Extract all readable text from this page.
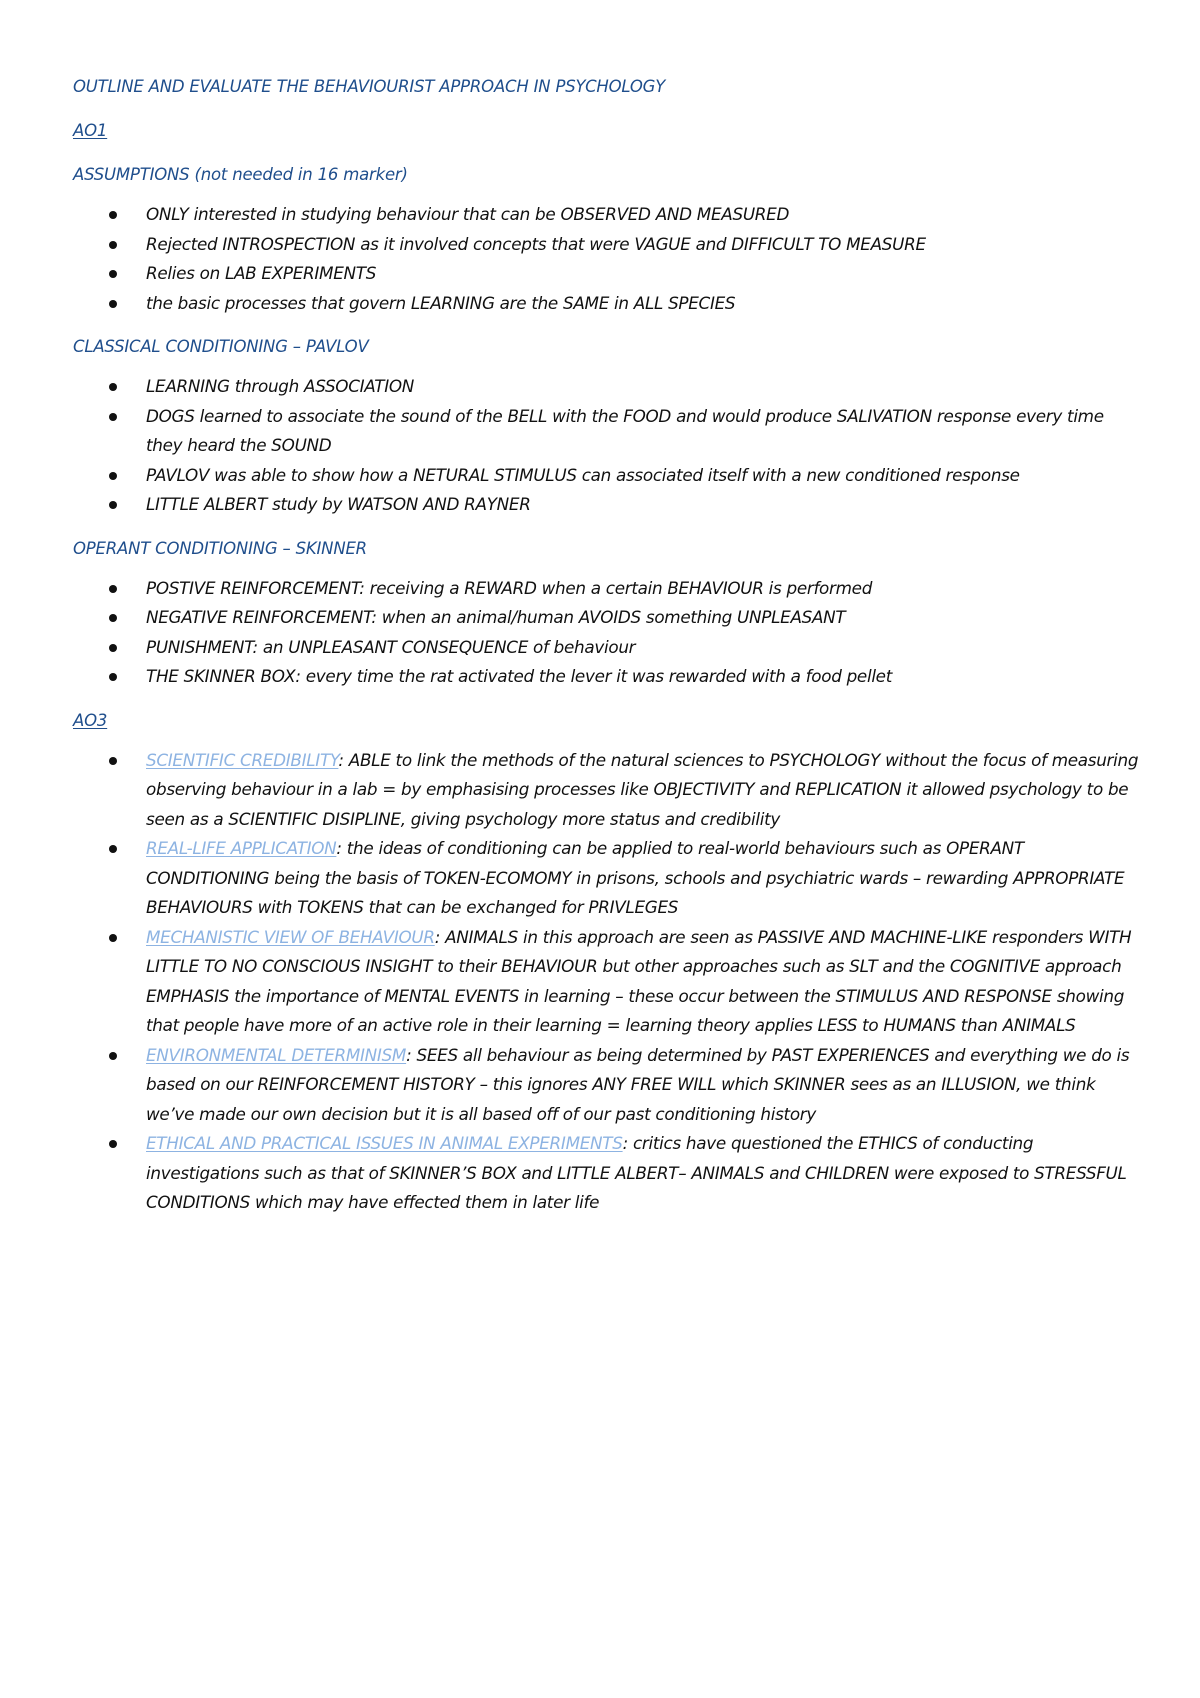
OUTLINE AND EVALUATE THE BEHAVIOURIST APPROACH IN PSYCHOLOGY

AO1

ASSUMPTIONS (not needed in 16 marker)

ONLY interested in studying behaviour that can be OBSERVED AND MEASURED
Rejected INTROSPECTION as it involved concepts that were VAGUE and DIFFICULT TO MEASURE
Relies on LAB EXPERIMENTS
the basic processes that govern LEARNING are the SAME in ALL SPECIES

CLASSICAL CONDITIONING – PAVLOV

LEARNING through ASSOCIATION
DOGS learned to associate the sound of the BELL with the FOOD and would produce SALIVATION response every time they heard the SOUND
PAVLOV was able to show how a NETURAL STIMULUS can associated itself with a new conditioned response
LITTLE ALBERT study by WATSON AND RAYNER

OPERANT CONDITIONING – SKINNER

POSTIVE REINFORCEMENT: receiving a REWARD when a certain BEHAVIOUR is performed
NEGATIVE REINFORCEMENT: when an animal/human AVOIDS something UNPLEASANT
PUNISHMENT: an UNPLEASANT CONSEQUENCE of behaviour
THE SKINNER BOX: every time the rat activated the lever it was rewarded with a food pellet

AO3

SCIENTIFIC CREDIBILITY: ABLE to link the methods of the natural sciences to PSYCHOLOGY without the focus of measuring observing behaviour in a lab = by emphasising processes like OBJECTIVITY and REPLICATION it allowed psychology to be seen as a SCIENTIFIC DISIPLINE, giving psychology more status and credibility
REAL-LIFE APPLICATION: the ideas of conditioning can be applied to real-world behaviours such as OPERANT CONDITIONING being the basis of TOKEN-ECOMOMY in prisons, schools and psychiatric wards – rewarding APPROPRIATE BEHAVIOURS with TOKENS that can be exchanged for PRIVLEGES
MECHANISTIC VIEW OF BEHAVIOUR: ANIMALS in this approach are seen as PASSIVE AND MACHINE-LIKE responders WITH LITTLE TO NO CONSCIOUS INSIGHT to their BEHAVIOUR but other approaches such as SLT and the COGNITIVE approach EMPHASIS the importance of MENTAL EVENTS in learning – these occur between the STIMULUS AND RESPONSE showing that people have more of an active role in their learning = learning theory applies LESS to HUMANS than ANIMALS
ENVIRONMENTAL DETERMINISM: SEES all behaviour as being determined by PAST EXPERIENCES and everything we do is based on our REINFORCEMENT HISTORY – this ignores ANY FREE WILL which SKINNER sees as an ILLUSION, we think we’ve made our own decision but it is all based off of our past conditioning history
ETHICAL AND PRACTICAL ISSUES IN ANIMAL EXPERIMENTS: critics have questioned the ETHICS of conducting investigations such as that of SKINNER’S BOX and LITTLE ALBERT– ANIMALS and CHILDREN were exposed to STRESSFUL CONDITIONS which may have effected them in later life
